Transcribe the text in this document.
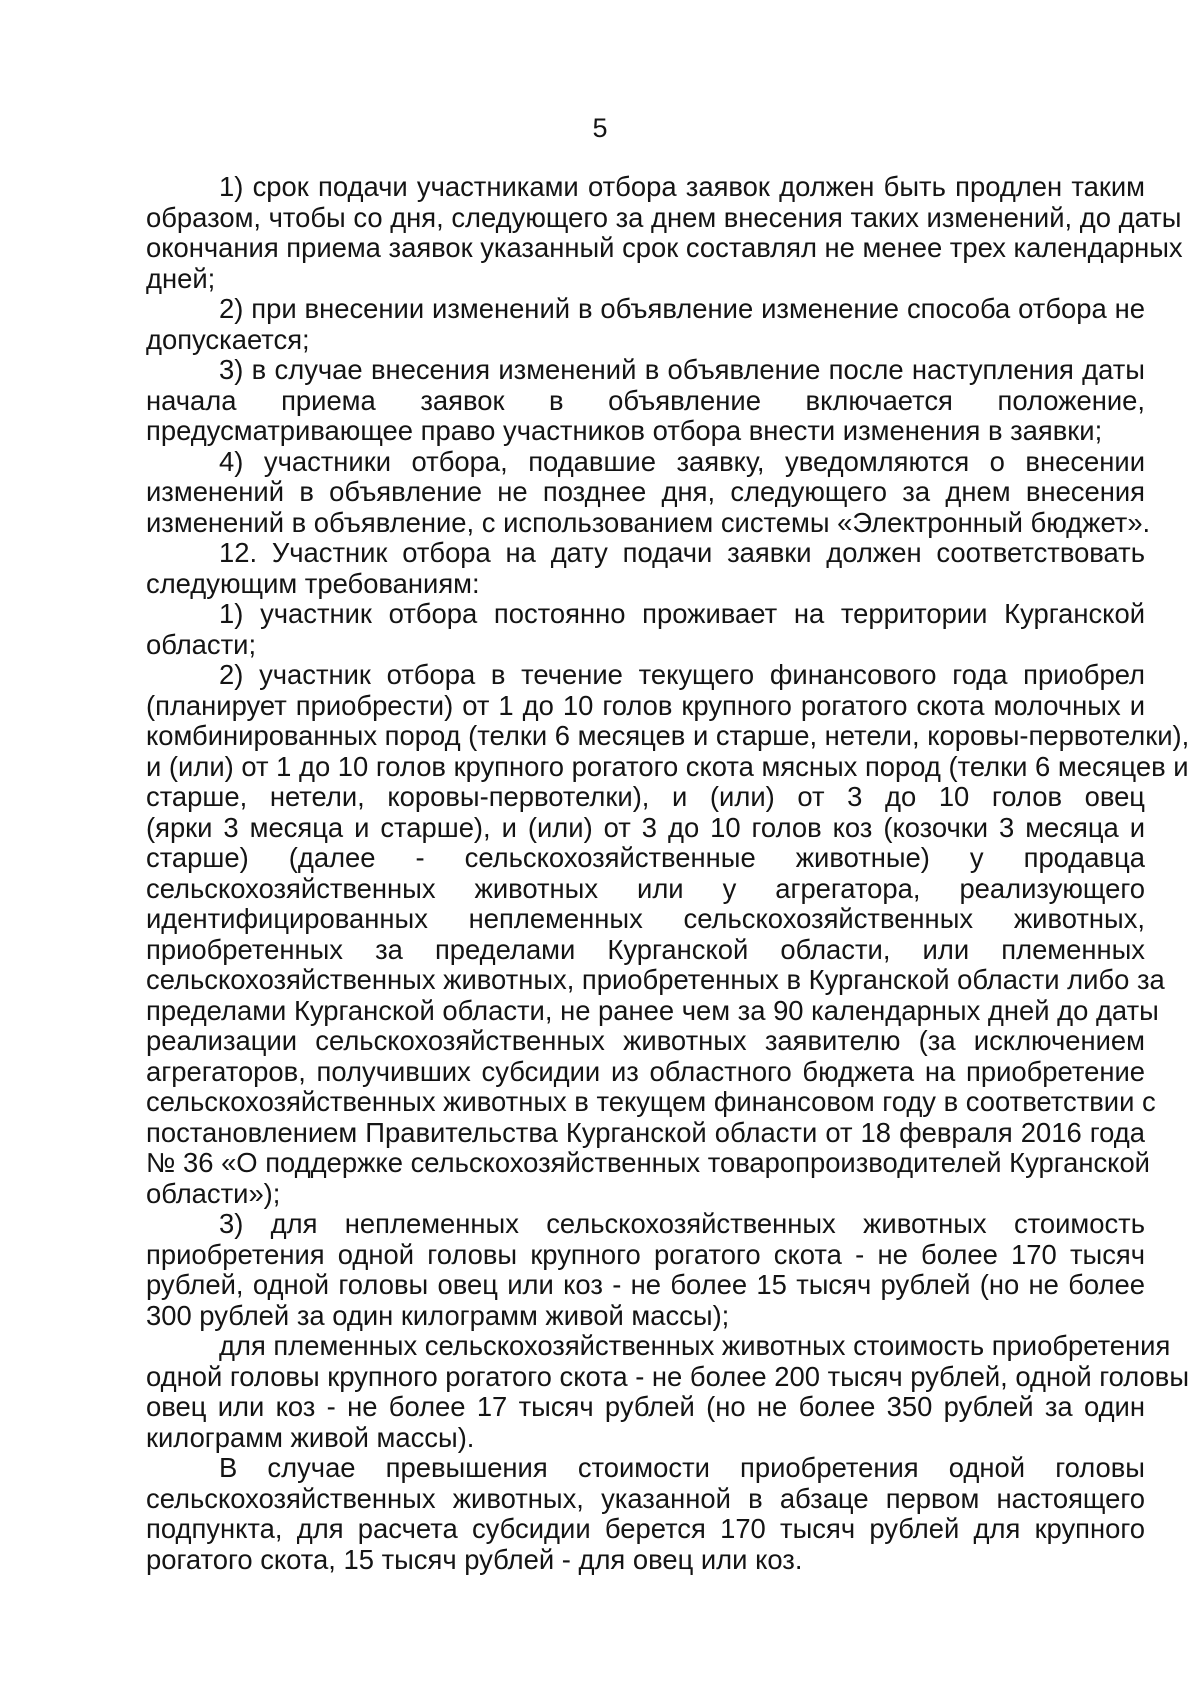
5
1) срок подачи участниками отбора заявок должен быть продлен таким
образом, чтобы со дня, следующего за днем внесения таких изменений, до даты
окончания приема заявок указанный срок составлял не менее трех календарных
дней;
2) при внесении изменений в объявление изменение способа отбора не
допускается;
3) в случае внесения изменений в объявление после наступления даты
начала приема заявок в объявление включается положение,
предусматривающее право участников отбора внести изменения в заявки;
4) участники отбора, подавшие заявку, уведомляются о внесении
изменений в объявление не позднее дня, следующего за днем внесения
изменений в объявление, с использованием системы «Электронный бюджет».
12. Участник отбора на дату подачи заявки должен соответствовать
следующим требованиям:
1) участник отбора постоянно проживает на территории Курганской
области;
2) участник отбора в течение текущего финансового года приобрел
(планирует приобрести) от 1 до 10 голов крупного рогатого скота молочных и
комбинированных пород (телки 6 месяцев и старше, нетели, коровы-первотелки),
и (или) от 1 до 10 голов крупного рогатого скота мясных пород (телки 6 месяцев и
старше, нетели, коровы-первотелки), и (или) от 3 до 10 голов овец
(ярки 3 месяца и старше), и (или) от 3 до 10 голов коз (козочки 3 месяца и
старше) (далее - сельскохозяйственные животные) у продавца
сельскохозяйственных животных или у агрегатора, реализующего
идентифицированных неплеменных сельскохозяйственных животных,
приобретенных за пределами Курганской области, или племенных
сельскохозяйственных животных, приобретенных в Курганской области либо за
пределами Курганской области, не ранее чем за 90 календарных дней до даты
реализации сельскохозяйственных животных заявителю (за исключением
агрегаторов, получивших субсидии из областного бюджета на приобретение
сельскохозяйственных животных в текущем финансовом году в соответствии с
постановлением Правительства Курганской области от 18 февраля 2016 года
№ 36 «О поддержке сельскохозяйственных товаропроизводителей Курганской
области»);
3) для неплеменных сельскохозяйственных животных стоимость
приобретения одной головы крупного рогатого скота - не более 170 тысяч
рублей, одной головы овец или коз - не более 15 тысяч рублей (но не более
300 рублей за один килограмм живой массы);
для племенных сельскохозяйственных животных стоимость приобретения
одной головы крупного рогатого скота - не более 200 тысяч рублей, одной головы
овец или коз - не более 17 тысяч рублей (но не более 350 рублей за один
килограмм живой массы).
В случае превышения стоимости приобретения одной головы
сельскохозяйственных животных, указанной в абзаце первом настоящего
подпункта, для расчета субсидии берется 170 тысяч рублей для крупного
рогатого скота, 15 тысяч рублей - для овец или коз.
